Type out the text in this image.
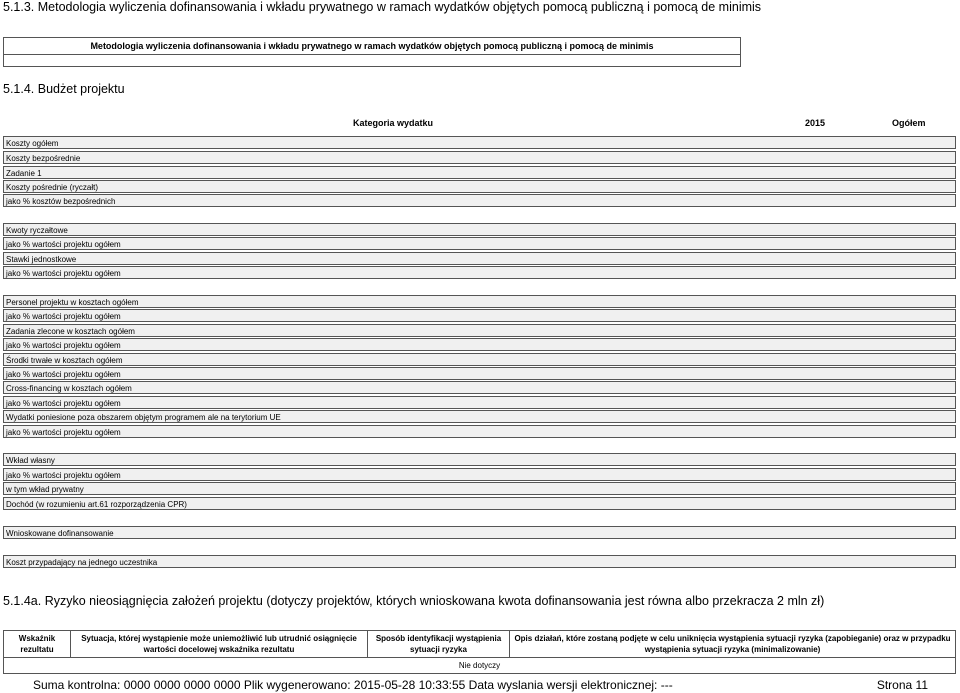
5.1.3. Metodologia wyliczenia dofinansowania i wkładu prywatnego w ramach wydatków objętych pomocą publiczną i pomocą de minimis
Metodologia wyliczenia dofinansowania i wkładu prywatnego w ramach wydatków objętych pomocą publiczną i pomocą de minimis
5.1.4. Budżet projektu
Kategoria wydatku	2015	Ogółem
Koszty ogółem
Koszty bezpośrednie
Zadanie 1
Koszty pośrednie (ryczałt)
jako % kosztów bezpośrednich
Kwoty ryczałtowe
jako % wartości projektu ogółem
Stawki jednostkowe
jako % wartości projektu ogółem
Personel projektu w kosztach ogółem
jako % wartości projektu ogółem
Zadania zlecone w kosztach ogółem
jako % wartości projektu ogółem
Środki trwałe w kosztach ogółem
jako % wartości projektu ogółem
Cross-financing w kosztach ogółem
jako % wartości projektu ogółem
Wydatki poniesione poza obszarem objętym programem ale na terytorium UE
jako % wartości projektu ogółem
Wkład własny
jako % wartości projektu ogółem
w tym wkład prywatny
Dochód (w rozumieniu art.61 rozporządzenia CPR)
Wnioskowane dofinansowanie
Koszt przypadający na jednego uczestnika
5.1.4a. Ryzyko nieosiągnięcia założeń projektu (dotyczy projektów, których wnioskowana kwota dofinansowania jest równa albo przekracza 2 mln zł)
Wskaźnik rezultatu	Sytuacja, której wystąpienie może uniemożliwić lub utrudnić osiągnięcie wartości docelowej wskaźnika rezultatu	Sposób identyfikacji wystąpienia sytuacji ryzyka	Opis działań, które zostaną podjęte w celu uniknięcia wystąpienia sytuacji ryzyka (zapobieganie) oraz w przypadku wystąpienia sytuacji ryzyka (minimalizowanie)
Nie dotyczy
Suma kontrolna: 0000 0000 0000 0000 Plik wygenerowano: 2015-05-28 10:33:55 Data wyslania wersji elektronicznej: ---	Strona 11
